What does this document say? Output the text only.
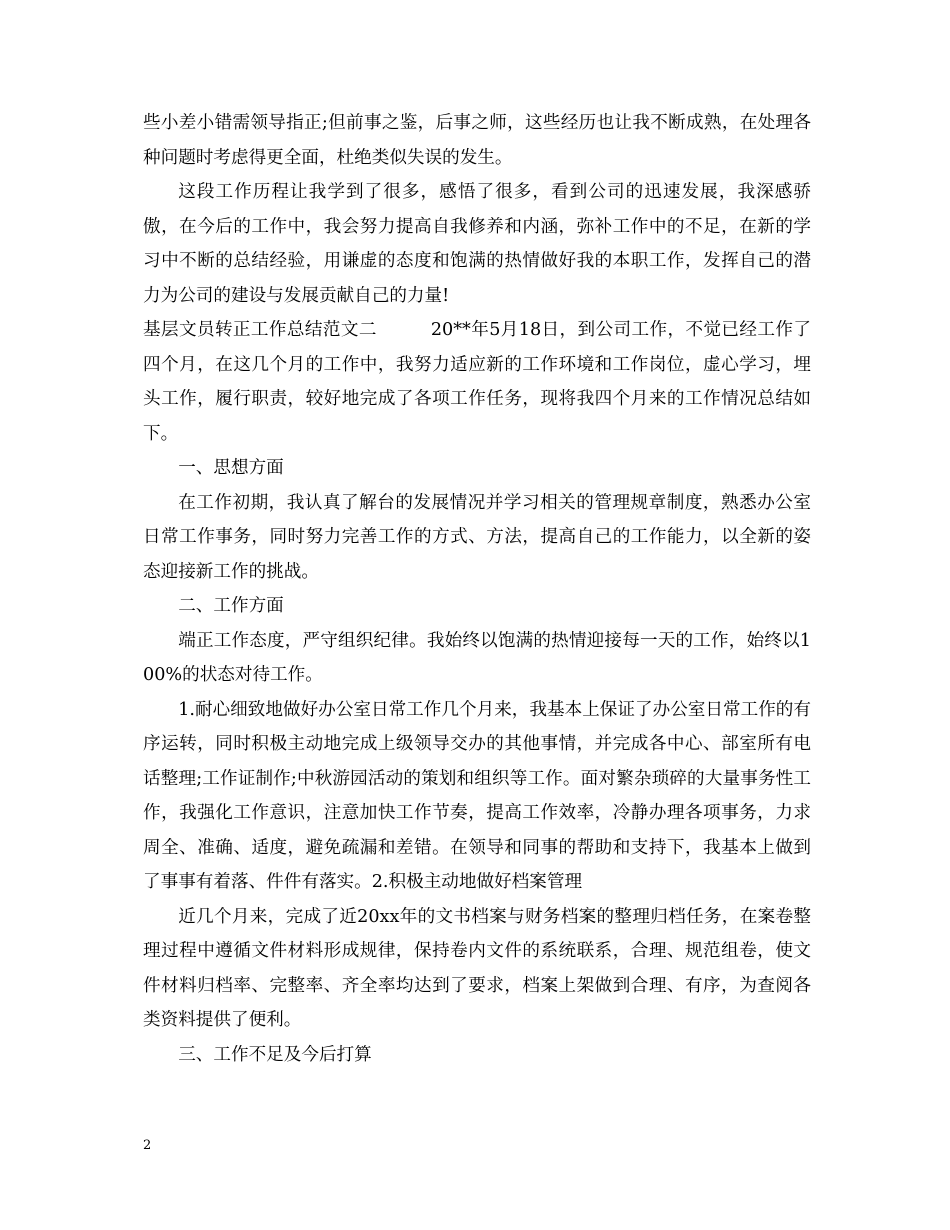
些小差小错需领导指正;但前事之鉴，后事之师，这些经历也让我不断成熟，在处理各种问题时考虑得更全面，杜绝类似失误的发生。

这段工作历程让我学到了很多，感悟了很多，看到公司的迅速发展，我深感骄傲，在今后的工作中，我会努力提高自我修养和内涵，弥补工作中的不足，在新的学习中不断的总结经验，用谦虚的态度和饱满的热情做好我的本职工作，发挥自己的潜力为公司的建设与发展贡献自己的力量!

基层文员转正工作总结范文二	20**年5月18日，到公司工作，不觉已经工作了四个月，在这几个月的工作中，我努力适应新的工作环境和工作岗位，虚心学习，埋头工作，履行职责，较好地完成了各项工作任务，现将我四个月来的工作情况总结如下。

一、思想方面

在工作初期，我认真了解台的发展情况并学习相关的管理规章制度，熟悉办公室日常工作事务，同时努力完善工作的方式、方法，提高自己的工作能力，以全新的姿态迎接新工作的挑战。

二、工作方面

端正工作态度，严守组织纪律。我始终以饱满的热情迎接每一天的工作，始终以100%的状态对待工作。

1.耐心细致地做好办公室日常工作几个月来，我基本上保证了办公室日常工作的有序运转，同时积极主动地完成上级领导交办的其他事情，并完成各中心、部室所有电话整理;工作证制作;中秋游园活动的策划和组织等工作。面对繁杂琐碎的大量事务性工作，我强化工作意识，注意加快工作节奏，提高工作效率，冷静办理各项事务，力求周全、准确、适度，避免疏漏和差错。在领导和同事的帮助和支持下，我基本上做到了事事有着落、件件有落实。2.积极主动地做好档案管理

近几个月来，完成了近20xx年的文书档案与财务档案的整理归档任务，在案卷整理过程中遵循文件材料形成规律，保持卷内文件的系统联系，合理、规范组卷，使文件材料归档率、完整率、齐全率均达到了要求，档案上架做到合理、有序，为查阅各类资料提供了便利。

三、工作不足及今后打算

2
